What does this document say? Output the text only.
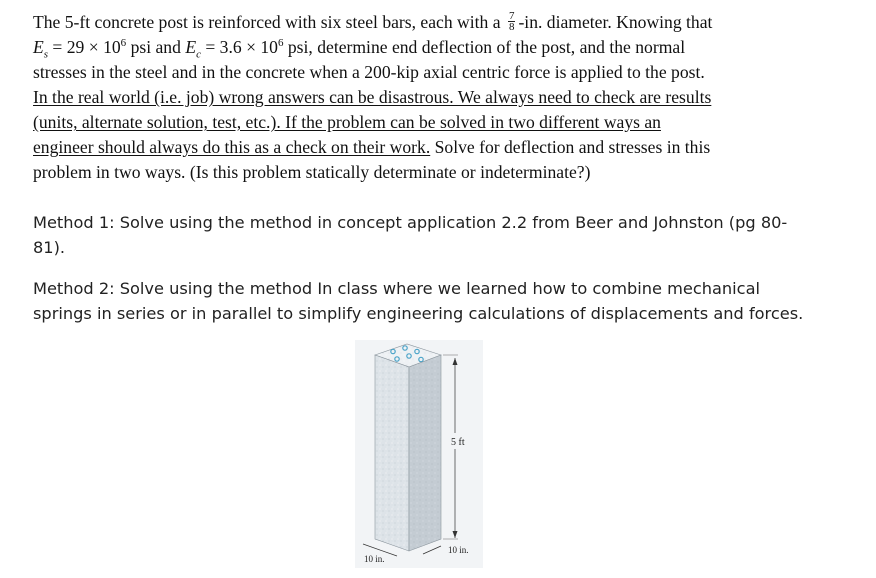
The 5-ft concrete post is reinforced with six steel bars, each with a $\frac{7}{8} -in$. diameter. Knowing that
$E_s = 29 \times 10^6$ psi and $E_c = 3.6 \times 10^6$ psi, determine end deflection of the post, and the normal
stresses in the steel and in the concrete when a 200-kip axial centric force is applied to the post.
In the real world (i.e. job) wrong answers can be disastrous. We always need to check are results
(units, alternate solution, test, etc.). If the problem can be solved in two different ways an
engineer should always do this as a check on their work. Solve for deflection and stresses in this
problem in two ways. (Is this problem statically determinate or indeterminate?)
Method 1: Solve using the method in concept application 2.2 from Beer and Johnston (pg 80-
81).
Method 2: Solve using the method In class where we learned how to combine mechanical
springs in series or in parallel to simplify engineering calculations of displacements and forces.
5 ft
10 in.
10 in.
